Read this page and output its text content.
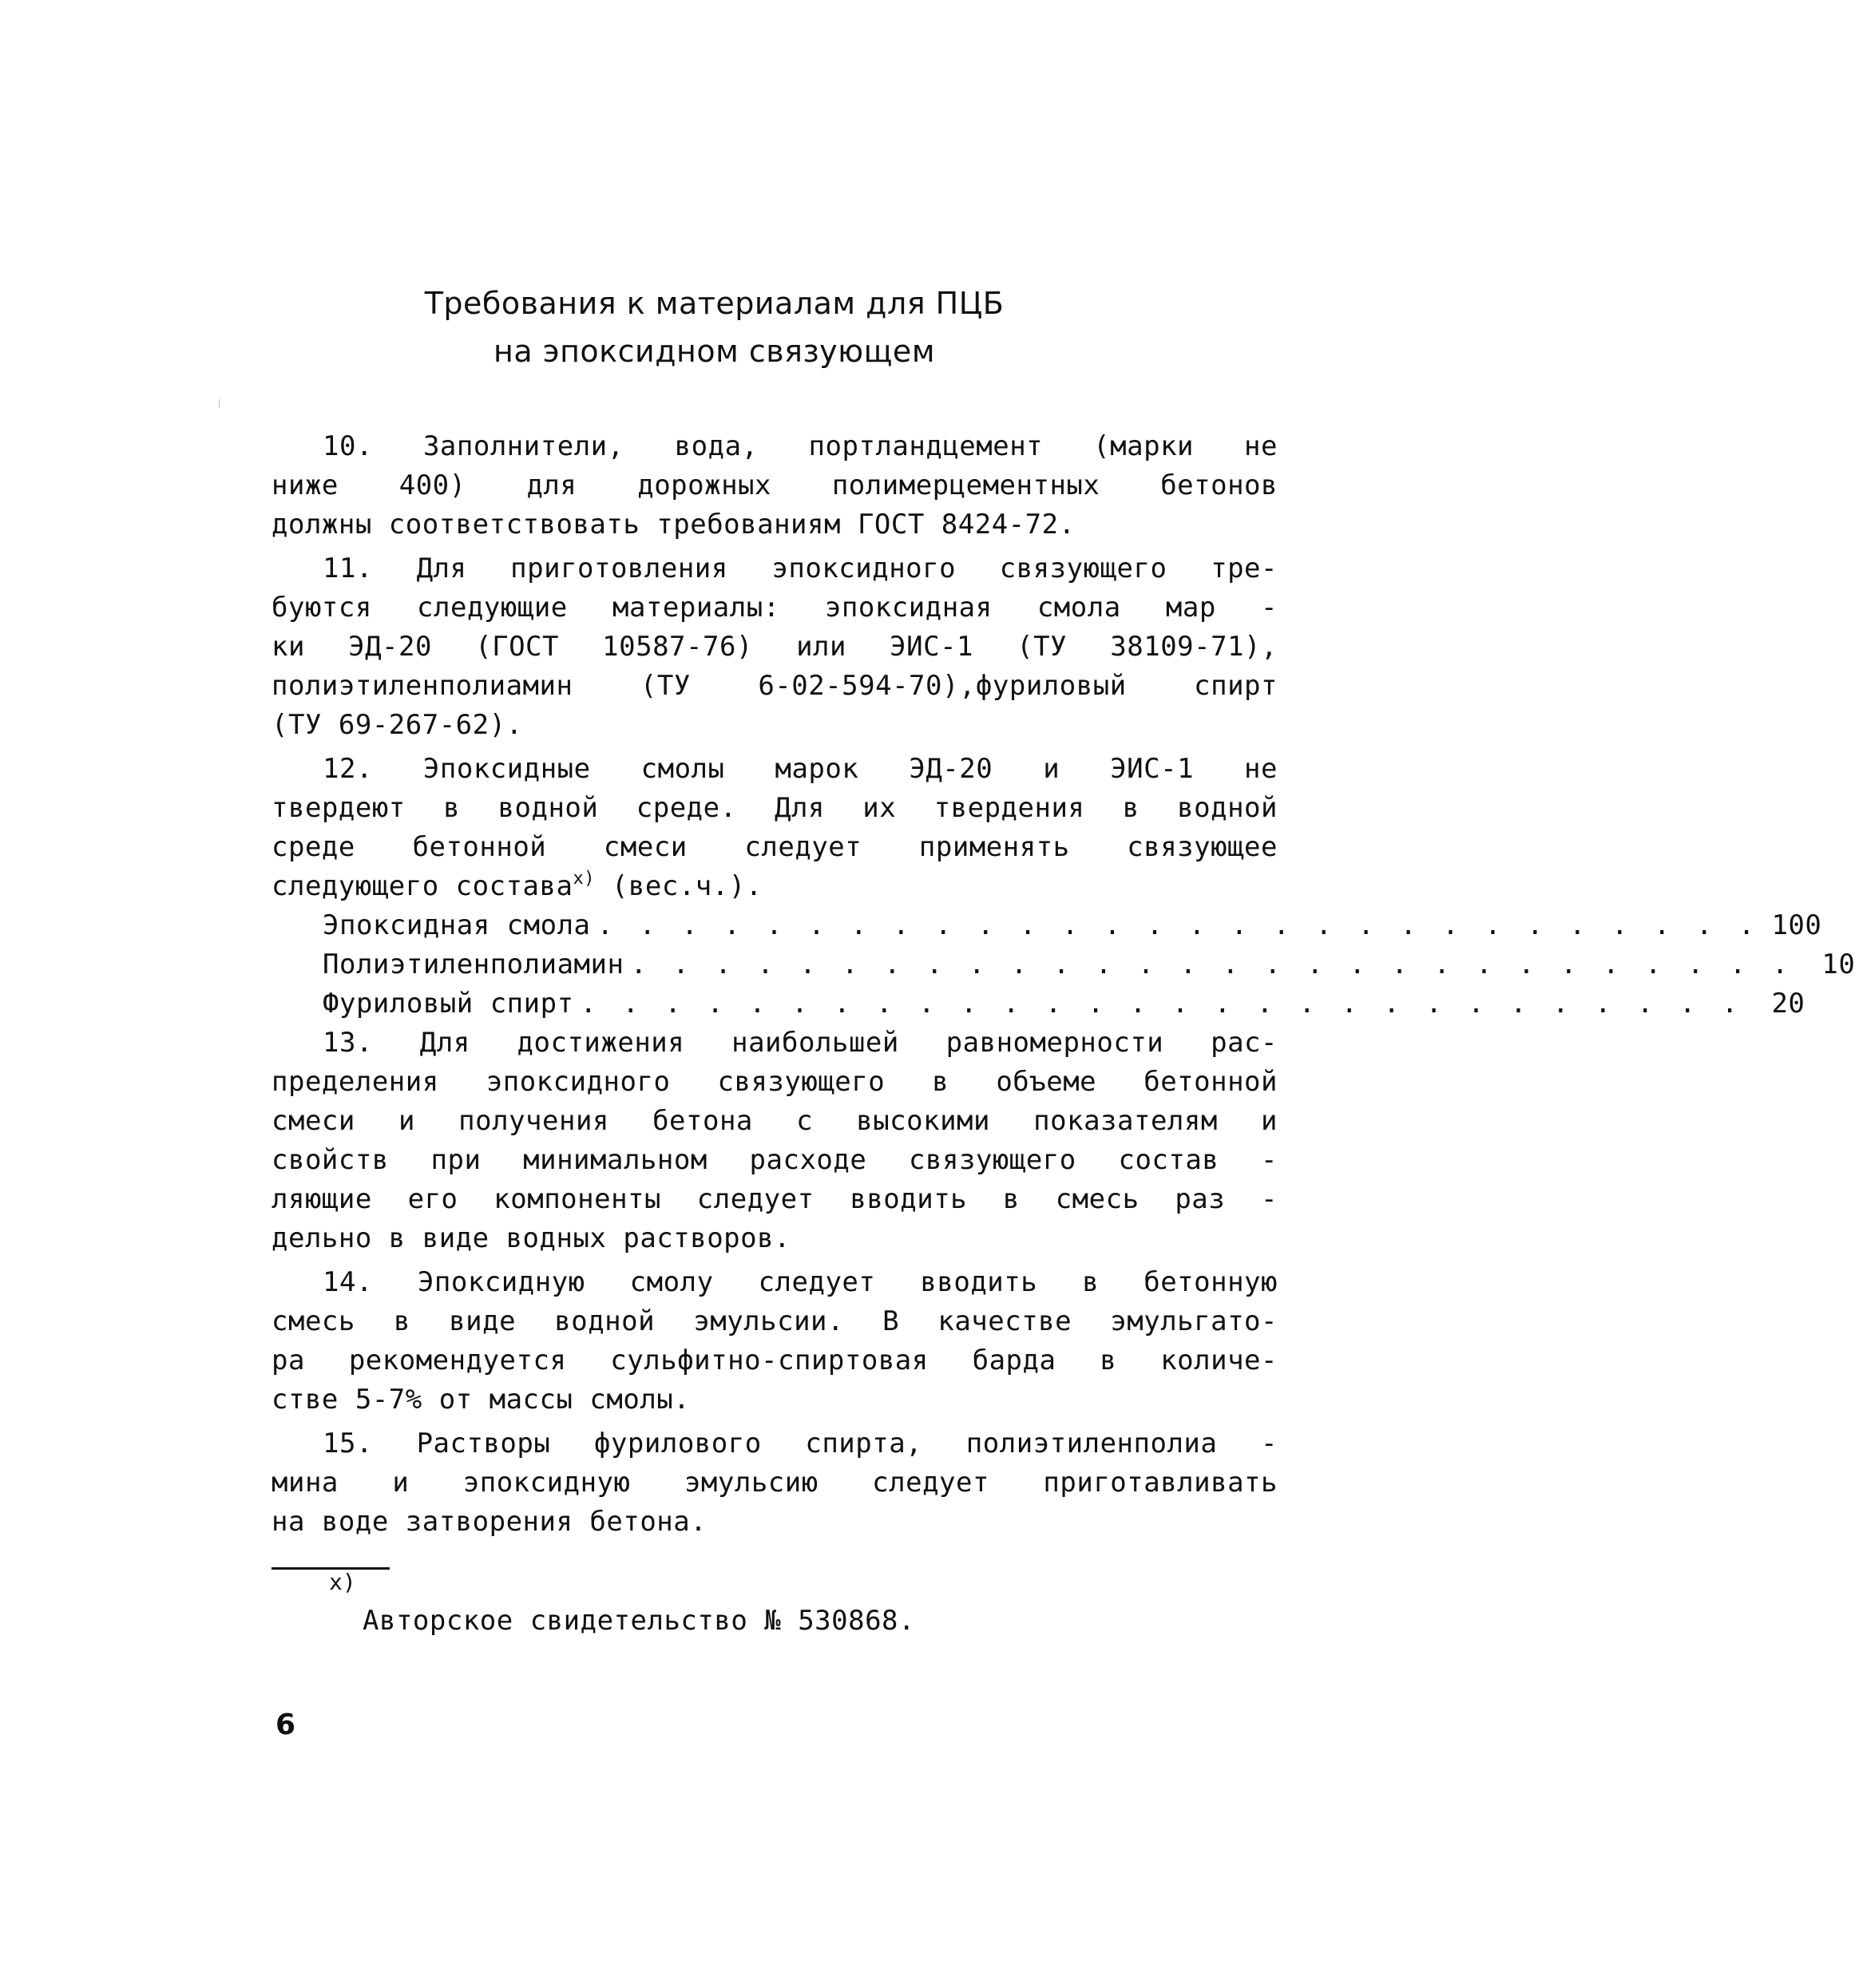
Требования к материалам для ПЦБ
на эпоксидном связующем
10. Заполнители, вода, портландцемент (марки не
ниже 400) для дорожных полимерцементных бетонов
должны соответствовать требованиям ГОСТ 8424-72.
11. Для приготовления эпоксидного связующего тре-
буются следующие материалы: эпоксидная смола мар -
ки ЭД-20 (ГОСТ 10587-76) или ЭИС-1 (ТУ 38109-71),
полиэтиленполиамин (ТУ 6-02-594-70),фуриловый спирт
(ТУ 69-267-62).
12. Эпоксидные смолы марок ЭД-20 и ЭИС-1 не
твердеют в водной среде. Для их твердения в водной
среде бетонной смеси следует применять связующее
следующего состава$^{x)}$ (вес.ч.).
Эпоксидная смола . . . . . . . . . . . . . . . . . . . . . . . . . . . . 100
Полиэтиленполиамин . . . . . . . . . . . . . . . . . . . . . . . . . . . .	10
Фуриловый спирт . . . . . . . . . . . . . . . . . . . . . . . . . . . .	20
13. Для достижения наибольшей равномерности рас-
пределения эпоксидного связующего в объеме бетонной
смеси и получения бетона с высокими показателям и
свойств при минимальном расходе связующего состав -
ляющие его компоненты следует вводить в смесь раз -
дельно в виде водных растворов.
14. Эпоксидную смолу следует вводить в бетонную
смесь в виде водной эмульсии. В качестве эмульгато-
ра рекомендуется сульфитно-спиртовая барда в количе-
стве 5-7% от массы смолы.
15. Растворы фурилового спирта, полиэтиленполиа -
мина и эпоксидную эмульсию следует приготавливать
на воде затворения бетона.
x)
Авторское свидетельство № 530868.
6
